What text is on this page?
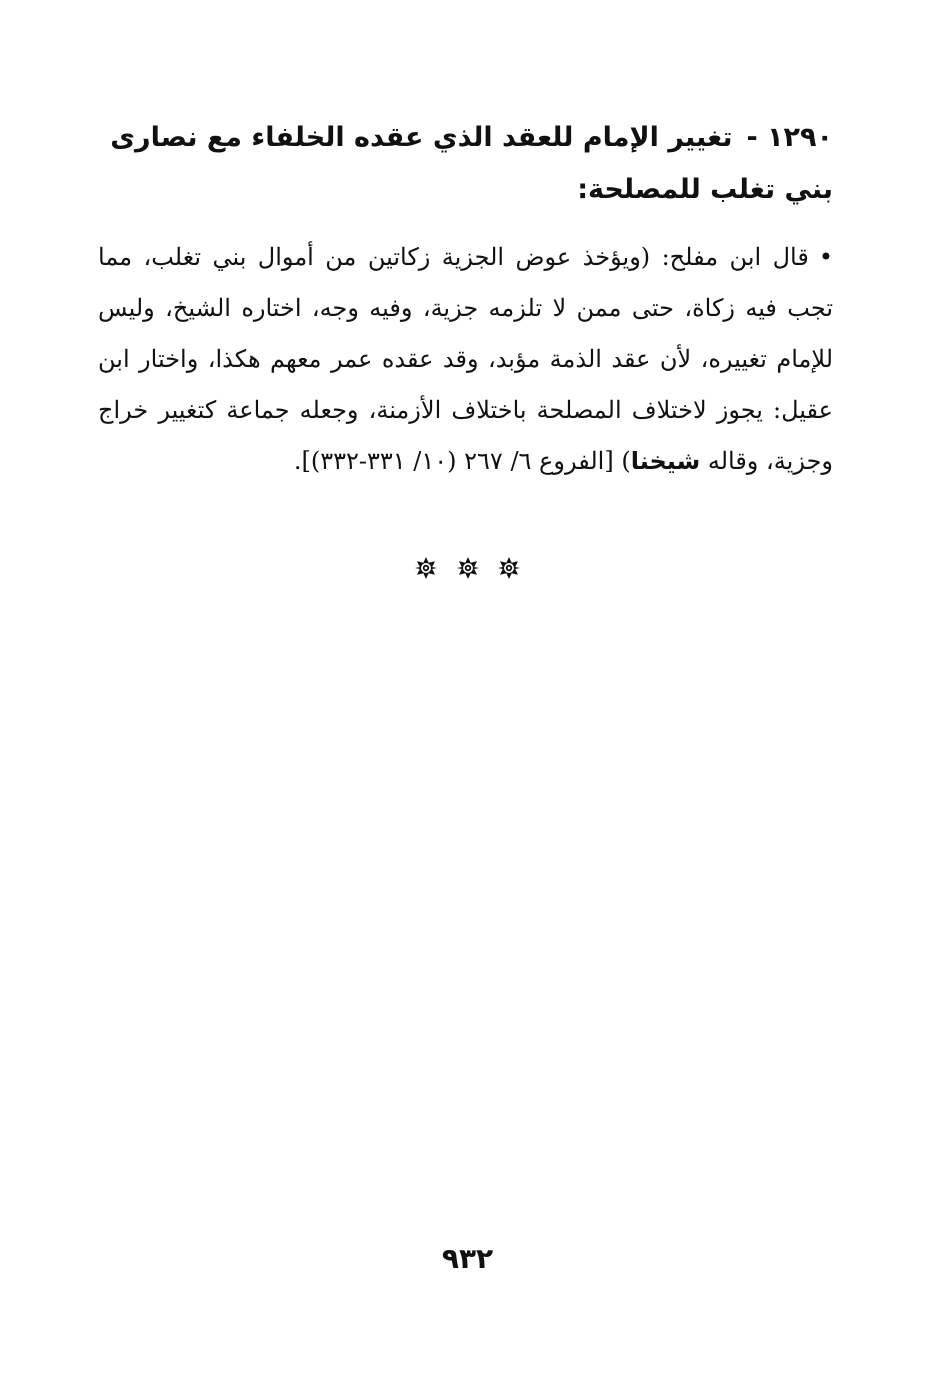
١٢٩٠ -تغيير الإمام للعقد الذي عقده الخلفاء مع نصارى بني تغلب للمصلحة:
•قال ابن مفلح: (ويؤخذ عوض الجزية زكاتين من أموال بني تغلب، مما تجب فيه زكاة، حتى ممن لا تلزمه جزية، وفيه وجه، اختاره الشيخ، وليس للإمام تغييره، لأن عقد الذمة مؤبد، وقد عقده عمر معهم هكذا، واختار ابن عقيل: يجوز لاختلاف المصلحة باختلاف الأزمنة، وجعله جماعة كتغيير خراج وجزية، وقاله شيخنا) [الفروع ٦/ ٢٦٧ (١٠/ ٣٣١-٣٣٢)].

٩٣٢
